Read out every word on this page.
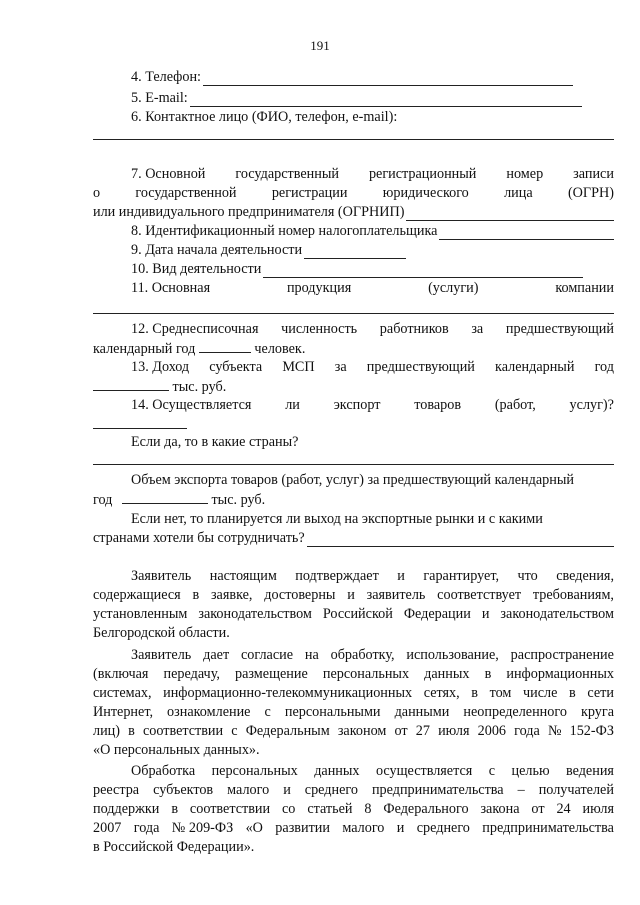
191
4. Телефон:
5. E-mail:
6. Контактное лицо (ФИО, телефон, e-mail):
7. Основной государственный регистрационный номер записи
о государственной регистрации юридического лица (ОГРН)
или индивидуального предпринимателя (ОГРНИП)
8. Идентификационный номер налогоплательщика
9. Дата начала деятельности
10. Вид деятельности
11. Основная	продукция	(услуги)	компании
12. Среднесписочная численность работников за предшествующий
календарный год	человек.
13. Доход субъекта МСП за предшествующий календарный год
тыс. руб.
14. Осуществляется ли экспорт товаров (работ, услуг)?
Если да, то в какие страны?
Объем экспорта товаров (работ, услуг) за предшествующий календарный
год	тыс. руб.
Если нет, то планируется ли выход на экспортные рынки и с какими
странами хотели бы сотрудничать?
Заявитель настоящим подтверждает и гарантирует, что сведения,
содержащиеся в заявке, достоверны и заявитель соответствует требованиям,
установленным законодательством Российской Федерации и законодательством
Белгородской области.
Заявитель дает согласие на обработку, использование, распространение
(включая передачу, размещение персональных данных в информационных
системах, информационно-телекоммуникационных сетях, в том числе в сети
Интернет, ознакомление с персональными данными неопределенного круга
лиц) в соответствии с Федеральным законом от 27 июля 2006 года № 152-ФЗ
«О персональных данных».
Обработка персональных данных осуществляется с целью ведения
реестра субъектов малого и среднего предпринимательства – получателей
поддержки в соответствии со статьей 8 Федерального закона от 24 июля
2007 года № 209-ФЗ «О развитии малого и среднего предпринимательства
в Российской Федерации».
